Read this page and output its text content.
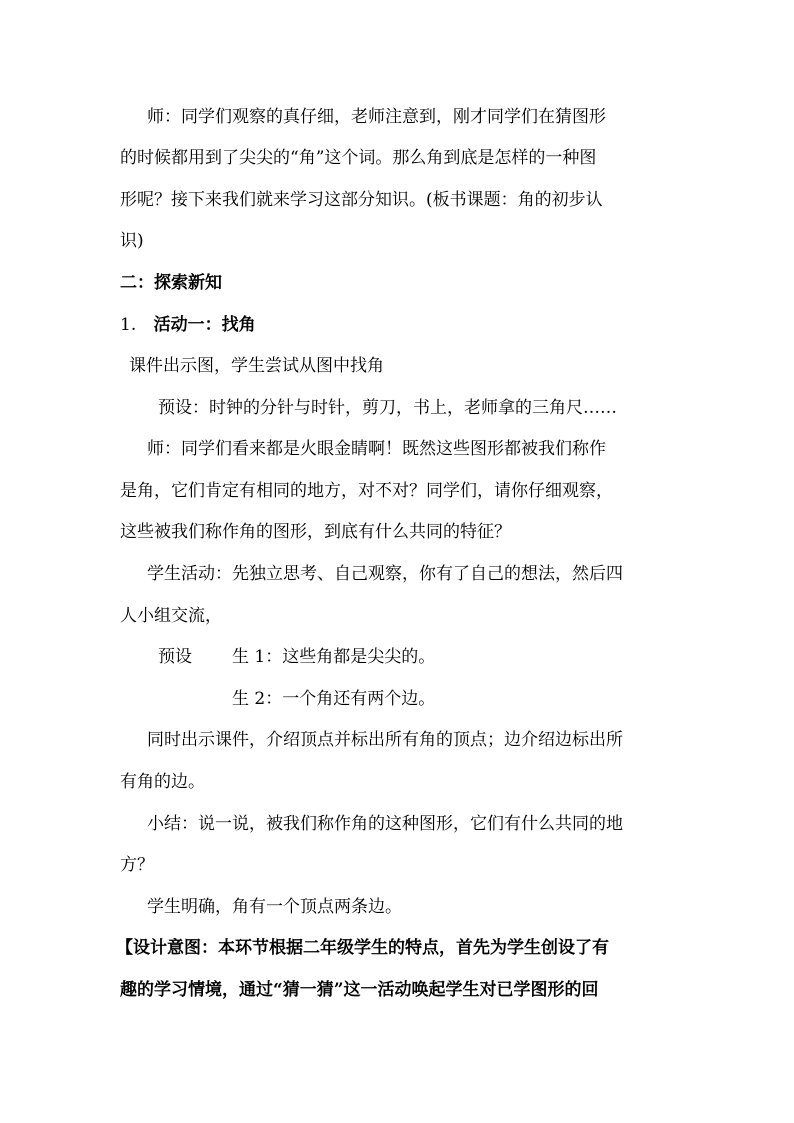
师：同学们观察的真仔细，老师注意到，刚才同学们在猜图形
的时候都用到了尖尖的“角”这个词。那么角到底是怎样的一种图
形呢？接下来我们就来学习这部分知识。(板书课题：角的初步认
识)
二：探索新知
1. 活动一：找角
课件出示图，学生尝试从图中找角
预设：时钟的分针与时针，剪刀，书上，老师拿的三角尺……
师：同学们看来都是火眼金睛啊！既然这些图形都被我们称作
是角，它们肯定有相同的地方，对不对？同学们，请你仔细观察，
这些被我们称作角的图形，到底有什么共同的特征？
学生活动：先独立思考、自己观察，你有了自己的想法，然后四
人小组交流，
预设 生 1：这些角都是尖尖的。
生 2：一个角还有两个边。
同时出示课件，介绍顶点并标出所有角的顶点；边介绍边标出所
有角的边。
小结：说一说，被我们称作角的这种图形，它们有什么共同的地
方？
学生明确，角有一个顶点两条边。
【设计意图：本环节根据二年级学生的特点，首先为学生创设了有
趣的学习情境，通过“猜一猜”这一活动唤起学生对已学图形的回
